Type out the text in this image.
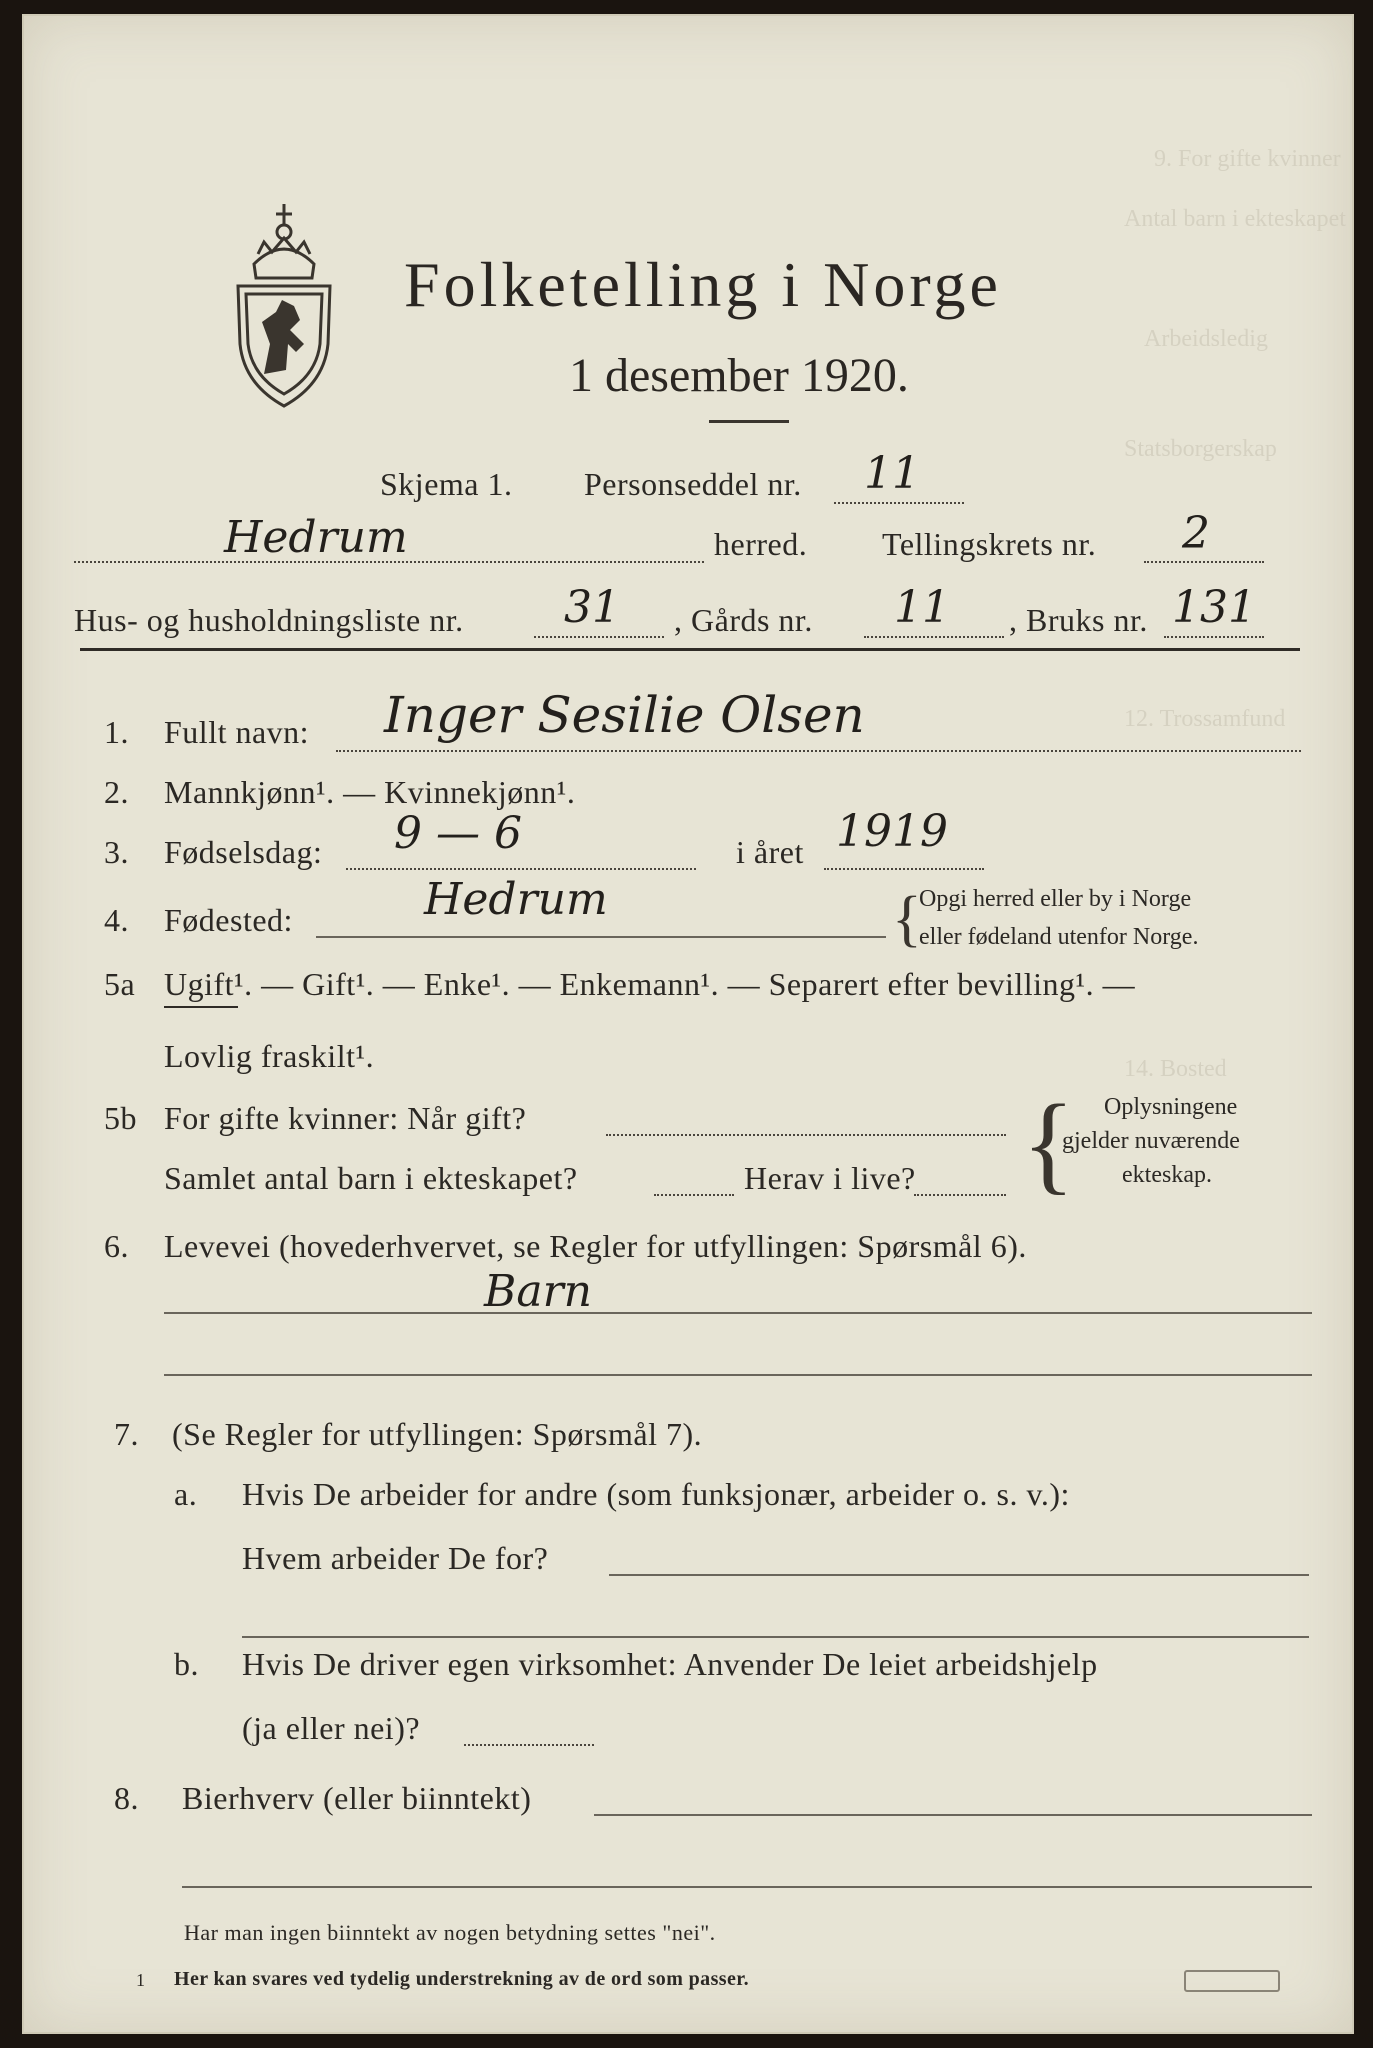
9. For gifte kvinner
Antal barn i ekteskapet
Arbeidsledig
Statsborgerskap
12. Trossamfund
14. Bosted
Folketelling i Norge
1 desember 1920.
Skjema 1. Personseddel nr. 11
Hedrum	herred. Tellingskrets nr. 2
Hus- og husholdningsliste nr. 31 , Gårds nr. 11 , Bruks nr. 131
1. Fullt navn: Inger Sesilie Olsen
2. Mannkjønn¹. — Kvinnekjønn¹.
3. Fødselsdag: 9 — 6	i året 1919
4. Fødested:	Hedrum	{
Opgi herred eller by i Norge
eller fødeland utenfor Norge.
5a Ugift¹. — Gift¹. — Enke¹. — Enkemann¹. — Separert efter bevilling¹. —
Lovlig fraskilt¹.
5b For gifte kvinner: Når gift?
Samlet antal barn i ekteskapet?	Herav i live? { Oplysningene
gjelder nuværende
ekteskap.
6. Levevei (hovederhvervet, se Regler for utfyllingen: Spørsmål 6).
Barn
7. (Se Regler for utfyllingen: Spørsmål 7).
a. Hvis De arbeider for andre (som funksjonær, arbeider o. s. v.):
Hvem arbeider De for?
b. Hvis De driver egen virksomhet: Anvender De leiet arbeidshjelp
(ja eller nei)?
8. Bierhverv (eller biinntekt)
Har man ingen biinntekt av nogen betydning settes "nei".
1 Her kan svares ved tydelig understrekning av de ord som passer.
